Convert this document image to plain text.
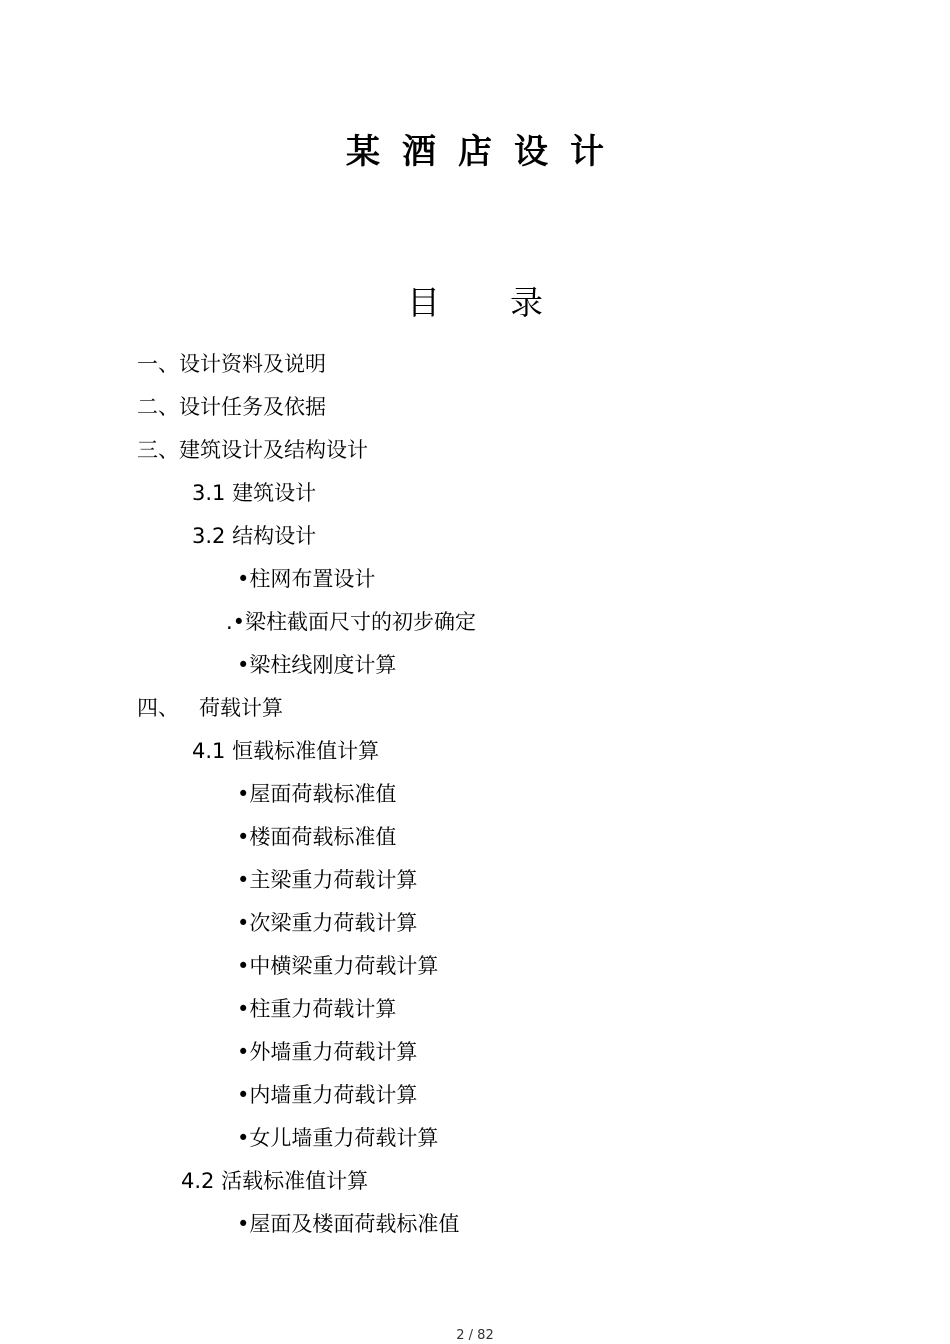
某酒店设计
目 录
一、设计资料及说明
二、设计任务及依据
三、建筑设计及结构设计
3.1 建筑设计
3.2 结构设计
•柱网布置设计
.•梁柱截面尺寸的初步确定
•梁柱线刚度计算
四、   荷载计算
4.1 恒载标准值计算
•屋面荷载标准值
•楼面荷载标准值
•主梁重力荷载计算
•次梁重力荷载计算
•中横梁重力荷载计算
•柱重力荷载计算
•外墙重力荷载计算
•内墙重力荷载计算
•女儿墙重力荷载计算
4.2 活载标准值计算
•屋面及楼面荷载标准值
2 / 82
